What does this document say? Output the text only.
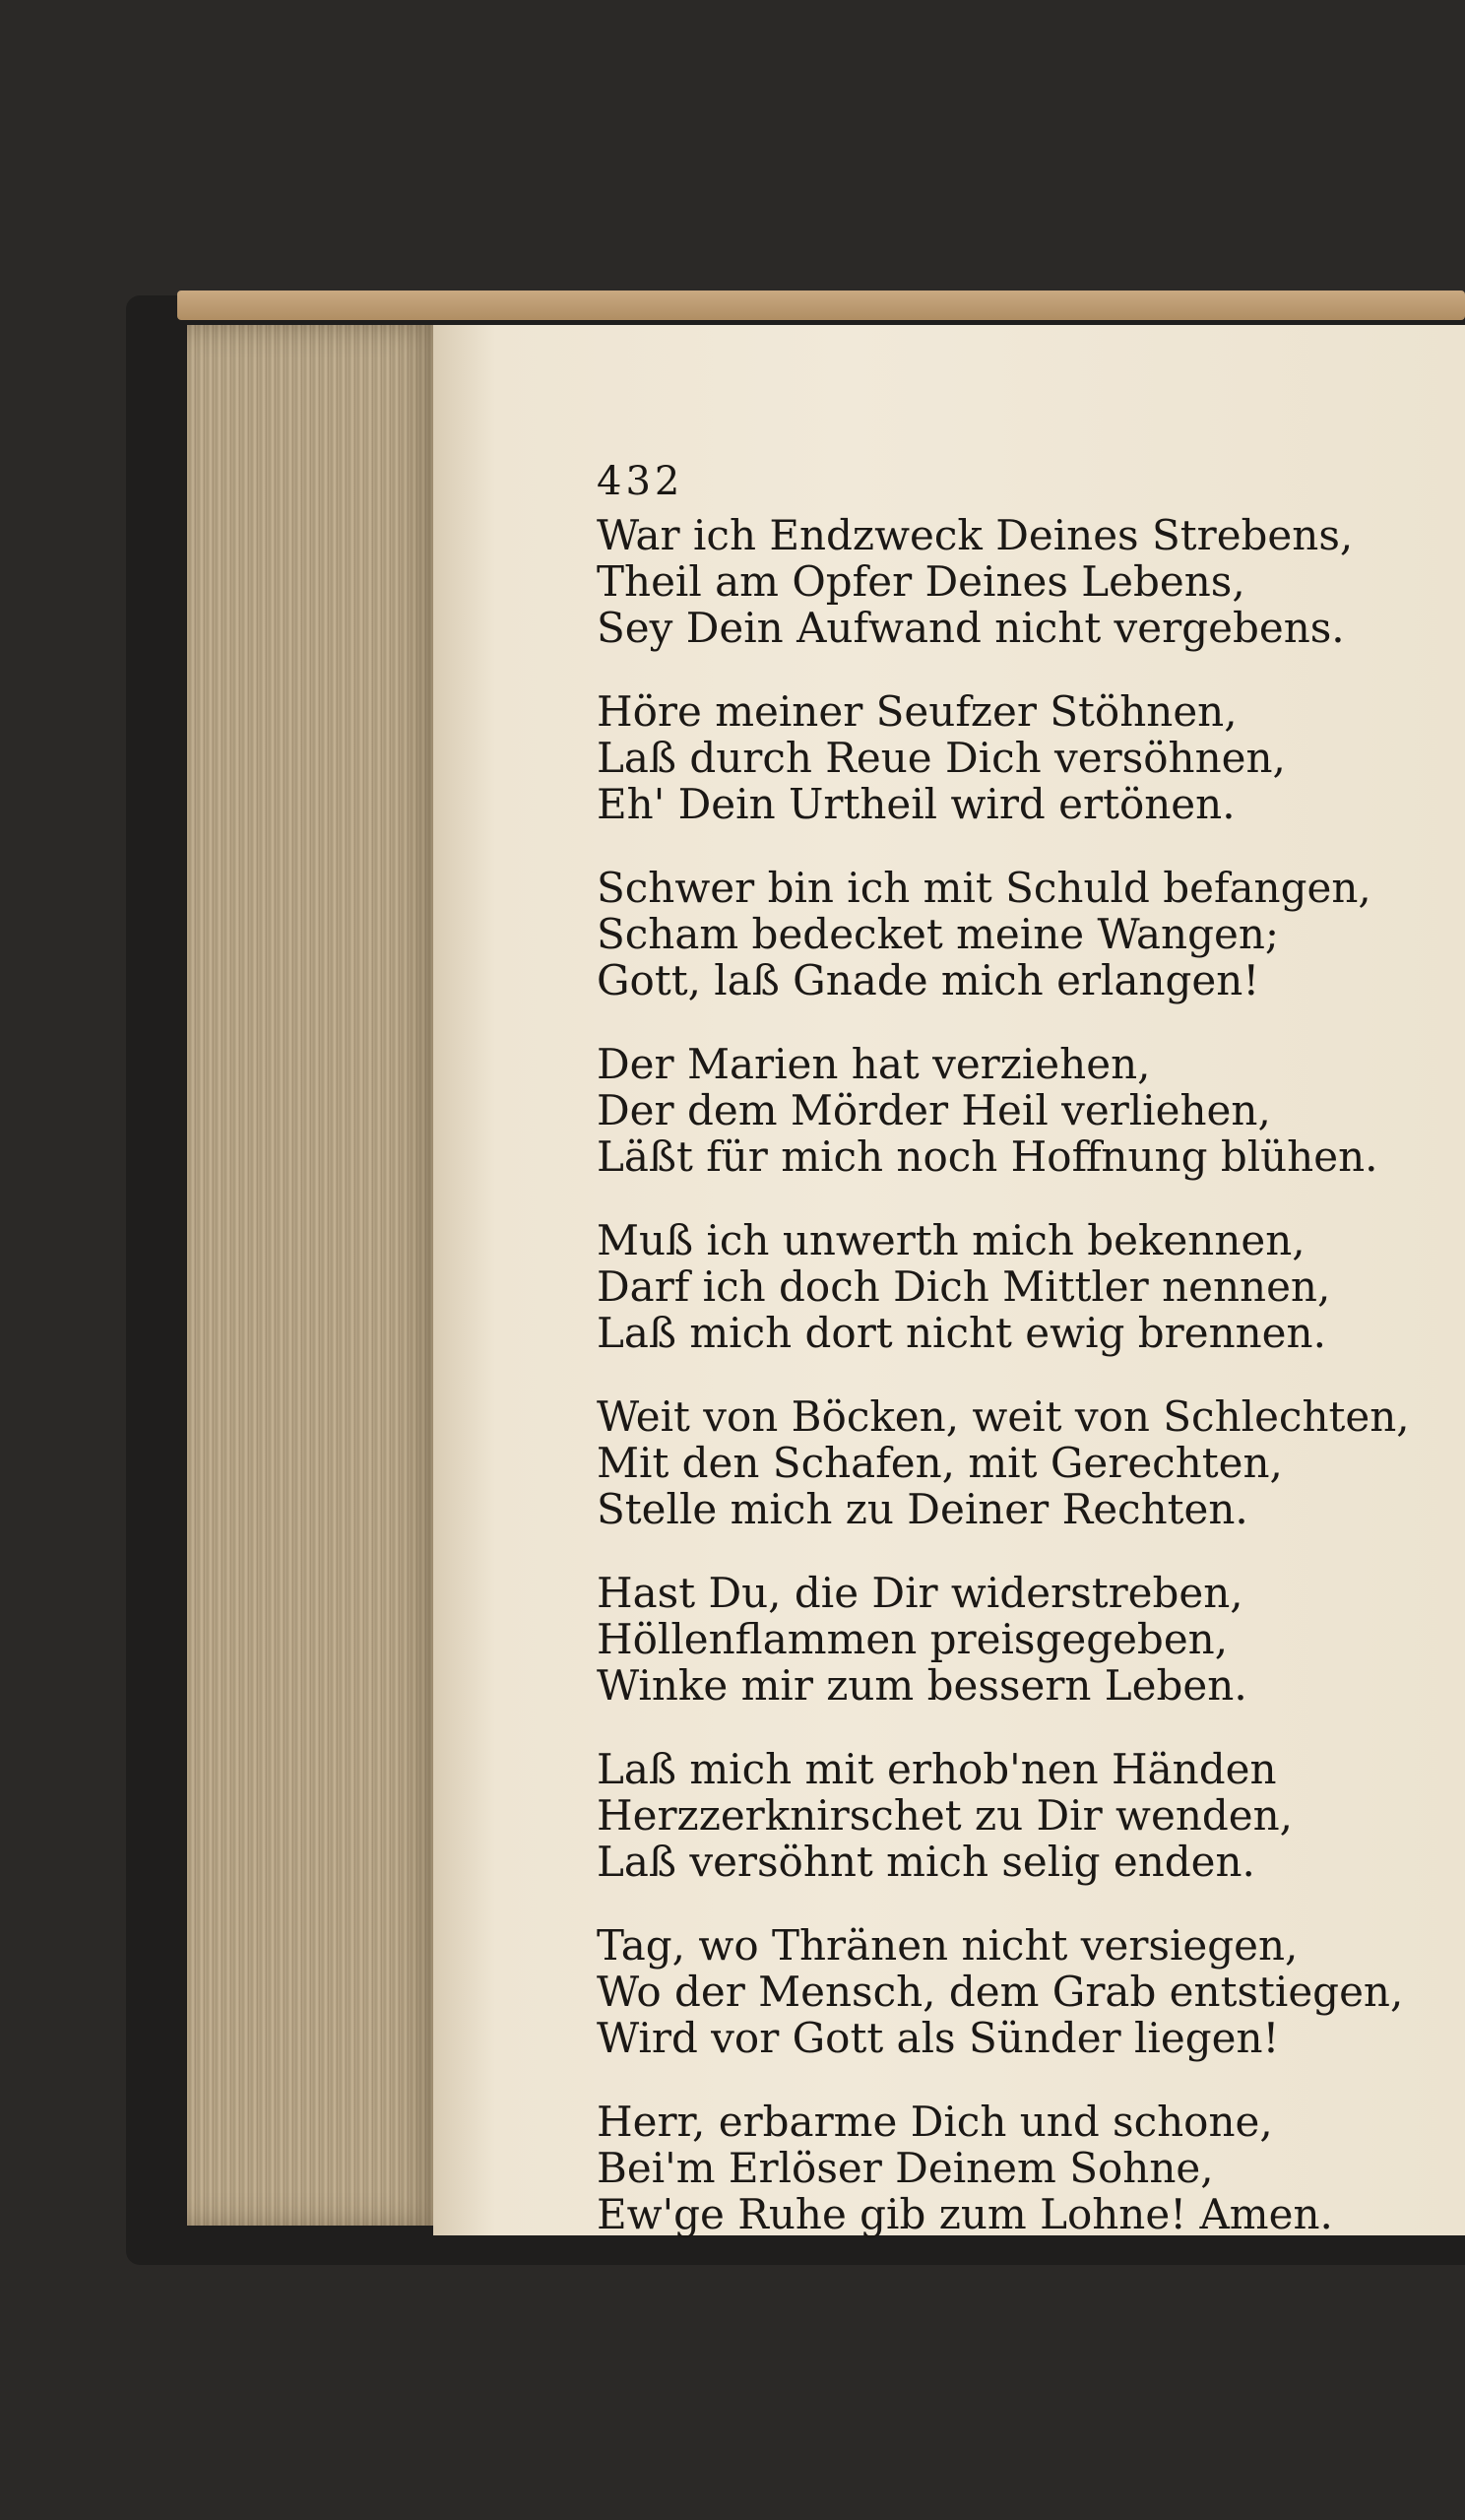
432
War ich Endzweck Deines Strebens,
Theil am Opfer Deines Lebens,
Sey Dein Aufwand nicht vergebens.
Höre meiner Seufzer Stöhnen,
Laß durch Reue Dich versöhnen,
Eh' Dein Urtheil wird ertönen.
Schwer bin ich mit Schuld befangen,
Scham bedecket meine Wangen;
Gott, laß Gnade mich erlangen!
Der Marien hat verziehen,
Der dem Mörder Heil verliehen,
Läßt für mich noch Hoffnung blühen.
Muß ich unwerth mich bekennen,
Darf ich doch Dich Mittler nennen,
Laß mich dort nicht ewig brennen.
Weit von Böcken, weit von Schlechten,
Mit den Schafen, mit Gerechten,
Stelle mich zu Deiner Rechten.
Hast Du, die Dir widerstreben,
Höllenflammen preisgegeben,
Winke mir zum bessern Leben.
Laß mich mit erhob'nen Händen
Herzzerknirschet zu Dir wenden,
Laß versöhnt mich selig enden.
Tag, wo Thränen nicht versiegen,
Wo der Mensch, dem Grab entstiegen,
Wird vor Gott als Sünder liegen!
Herr, erbarme Dich und schone,
Bei'm Erlöser Deinem Sohne,
Ew'ge Ruhe gib zum Lohne! Amen.
